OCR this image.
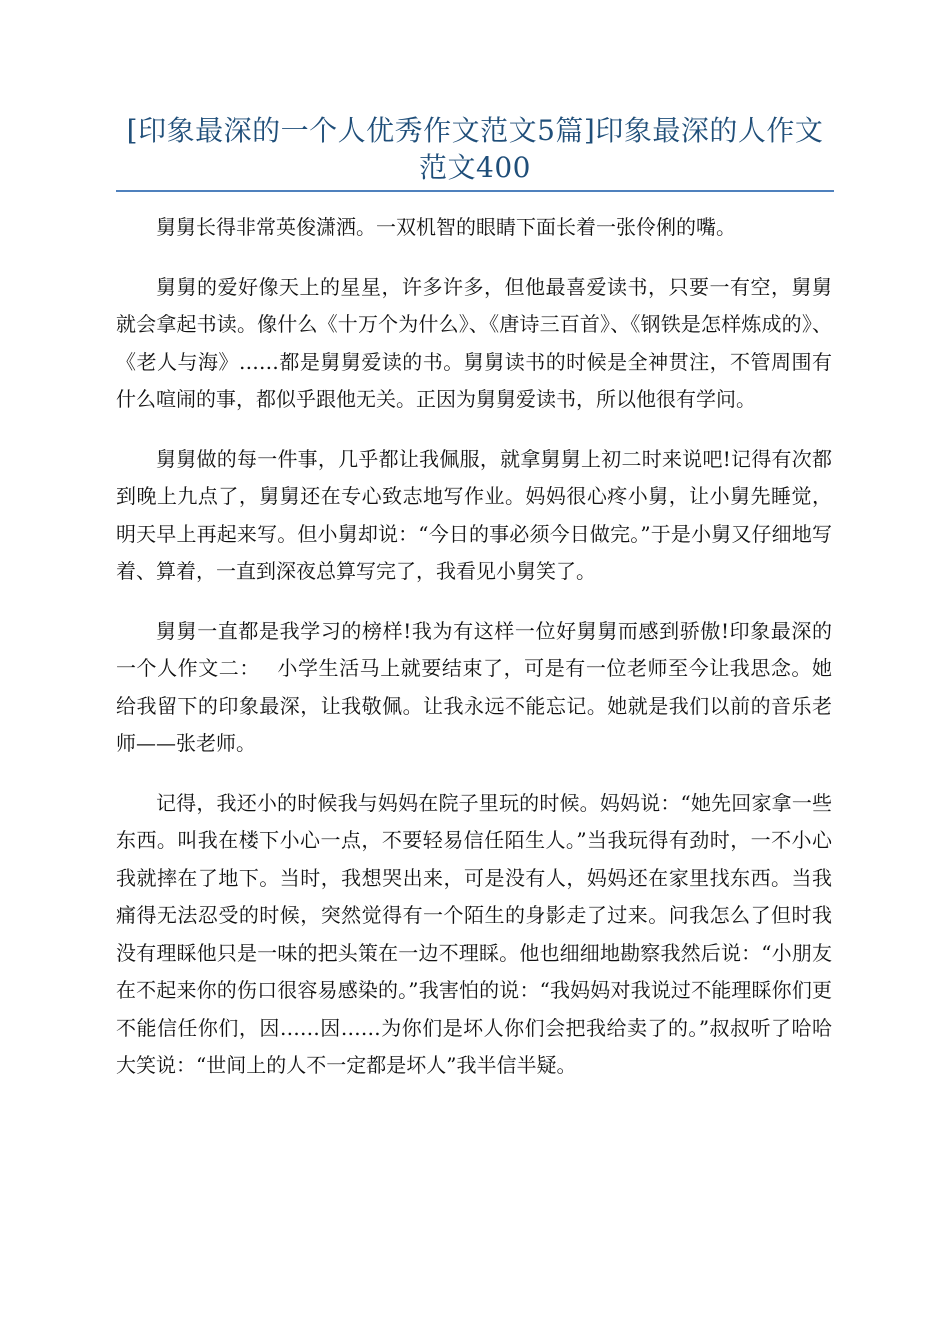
[印象最深的一个人优秀作文范文5篇]印象最深的人作文范文400

舅舅长得非常英俊潇洒。一双机智的眼睛下面长着一张伶俐的嘴。

舅舅的爱好像天上的星星，许多许多，但他最喜爱读书，只要一有空，舅舅就会拿起书读。像什么《十万个为什么》、《唐诗三百首》、《钢铁是怎样炼成的》、《老人与海》……都是舅舅爱读的书。舅舅读书的时候是全神贯注，不管周围有什么喧闹的事，都似乎跟他无关。正因为舅舅爱读书，所以他很有学问。

舅舅做的每一件事，几乎都让我佩服，就拿舅舅上初二时来说吧!记得有次都到晚上九点了，舅舅还在专心致志地写作业。妈妈很心疼小舅，让小舅先睡觉，明天早上再起来写。但小舅却说：“今日的事必须今日做完。”于是小舅又仔细地写着、算着，一直到深夜总算写完了，我看见小舅笑了。

舅舅一直都是我学习的榜样!我为有这样一位好舅舅而感到骄傲!印象最深的一个人作文二：　 小学生活马上就要结束了，可是有一位老师至今让我思念。她给我留下的印象最深，让我敬佩。让我永远不能忘记。她就是我们以前的音乐老师——张老师。

记得，我还小的时候我与妈妈在院子里玩的时候。妈妈说：“她先回家拿一些东西。叫我在楼下小心一点，不要轻易信任陌生人。”当我玩得有劲时，一不小心我就摔在了地下。当时，我想哭出来，可是没有人，妈妈还在家里找东西。当我痛得无法忍受的时候，突然觉得有一个陌生的身影走了过来。问我怎么了但时我没有理睬他只是一味的把头策在一边不理睬。他也细细地勘察我然后说：“小朋友在不起来你的伤口很容易感染的。”我害怕的说：“我妈妈对我说过不能理睬你们更不能信任你们，因……因……为你们是坏人你们会把我给卖了的。”叔叔听了哈哈大笑说：“世间上的人不一定都是坏人”我半信半疑。
